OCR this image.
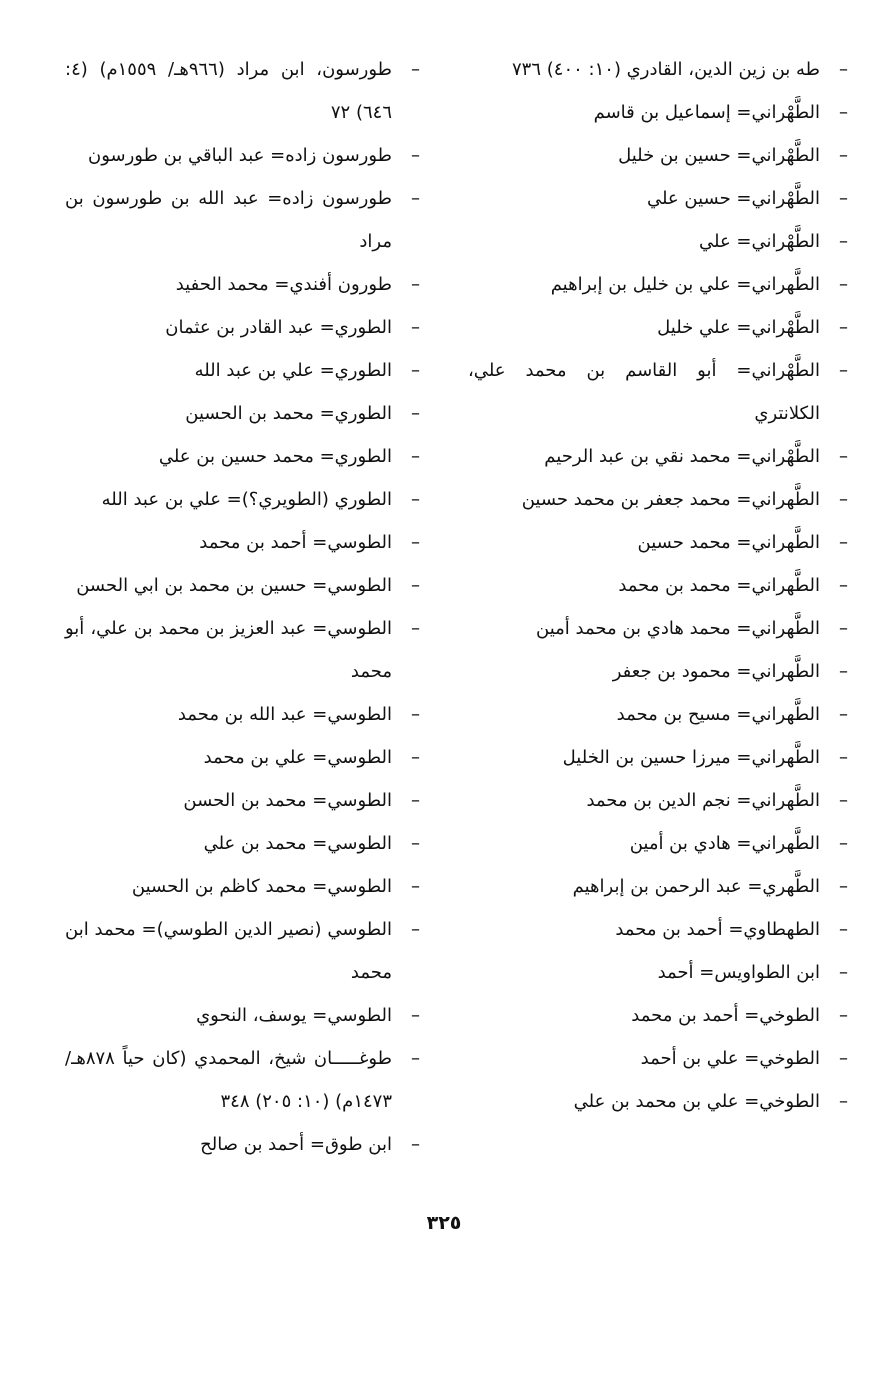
–
طه بن زين الدين، القادري (١٠: ٤٠٠) ٧٣٦
–
الطَّهْراني= إسماعيل بن قاسم
–
الطَّهْراني= حسين بن خليل
–
الطَّهْراني= حسين علي
–
الطَّهْراني= علي
–
الطَّهراني= علي بن خليل بن إبراهيم
–
الطَّهْراني= علي خليل
–
الطَّهْراني= أبو القاسم بن محمد علي، الكلانتري
–
الطَّهْراني= محمد نقي بن عبد الرحيم
–
الطَّهراني= محمد جعفر بن محمد حسين
–
الطَّهراني= محمد حسين
–
الطَّهراني= محمد بن محمد
–
الطَّهراني= محمد هادي بن محمد أمين
–
الطَّهراني= محمود بن جعفر
–
الطَّهراني= مسيح بن محمد
–
الطَّهراني= ميرزا حسين بن الخليل
–
الطَّهراني= نجم الدين بن محمد
–
الطَّهراني= هادي بن أمين
–
الطَّهري= عبد الرحمن بن إبراهيم
–
الطهطاوي= أحمد بن محمد
–
ابن الطواويس= أحمد
–
الطوخي= أحمد بن محمد
–
الطوخي= علي بن أحمد
–
الطوخي= علي بن محمد بن علي
–
طورسون، ابن مراد (٩٦٦هـ/ ١٥٥٩م) (٤: ٦٤٦) ٧٢
–
طورسون زاده= عبد الباقي بن طورسون
–
طورسون زاده= عبد الله بن طورسون بن مراد
–
طورون أفندي= محمد الحفيد
–
الطوري= عبد القادر بن عثمان
–
الطوري= علي بن عبد الله
–
الطوري= محمد بن الحسين
–
الطوري= محمد حسين بن علي
–
الطوري (الطويري؟)= علي بن عبد الله
–
الطوسي= أحمد بن محمد
–
الطوسي= حسين بن محمد بن ابي الحسن
–
الطوسي= عبد العزيز بن محمد بن علي، أبو محمد
–
الطوسي= عبد الله بن محمد
–
الطوسي= علي بن محمد
–
الطوسي= محمد بن الحسن
–
الطوسي= محمد بن علي
–
الطوسي= محمد كاظم بن الحسين
–
الطوسي (نصير الدين الطوسي)= محمد ابن محمد
–
الطوسي= يوسف، النحوي
–
طوغـــــان شيخ، المحمدي (كان حياً ٨٧٨هـ/ ١٤٧٣م) (١٠: ٢٠٥) ٣٤٨
–
ابن طوق= أحمد بن صالح
٣٢٥
